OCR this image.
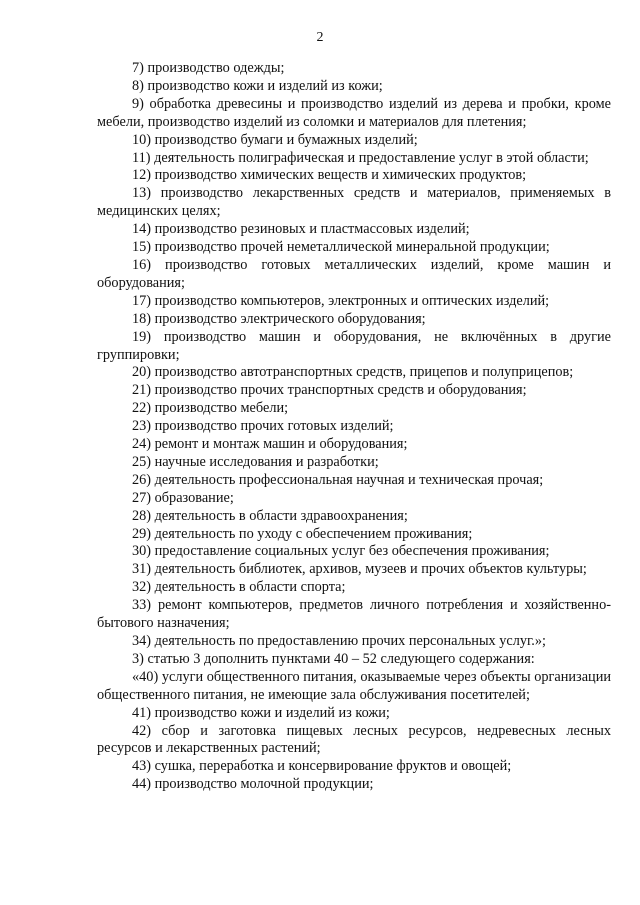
2

7) производство одежды;

8) производство кожи и изделий из кожи;

9) обработка древесины и производство изделий из дерева и пробки, кроме мебели, производство изделий из соломки и материалов для плетения;

10) производство бумаги и бумажных изделий;

11) деятельность полиграфическая и предоставление услуг в этой области;

12) производство химических веществ и химических продуктов;

13) производство лекарственных средств и материалов, применяемых в медицинских целях;

14) производство резиновых и пластмассовых изделий;

15) производство прочей неметаллической минеральной продукции;

16) производство готовых металлических изделий, кроме машин и оборудования;

17) производство компьютеров, электронных и оптических изделий;

18) производство электрического оборудования;

19) производство машин и оборудования, не включённых в другие группировки;

20) производство автотранспортных средств, прицепов и полуприцепов;

21) производство прочих транспортных средств и оборудования;

22) производство мебели;

23) производство прочих готовых изделий;

24) ремонт и монтаж машин и оборудования;

25) научные исследования и разработки;

26) деятельность профессиональная научная и техническая прочая;

27) образование;

28) деятельность в области здравоохранения;

29) деятельность по уходу с обеспечением проживания;

30) предоставление социальных услуг без обеспечения проживания;

31) деятельность библиотек, архивов, музеев и прочих объектов культуры;

32) деятельность в области спорта;

33) ремонт компьютеров, предметов личного потребления и хозяйственно-бытового назначения;

34) деятельность по предоставлению прочих персональных услуг.»;

3) статью 3 дополнить пунктами 40 – 52 следующего содержания:

«40) услуги общественного питания, оказываемые через объекты организации общественного питания, не имеющие зала обслуживания посетителей;

41) производство кожи и изделий из кожи;

42) сбор и заготовка пищевых лесных ресурсов, недревесных лесных ресурсов и лекарственных растений;

43) сушка, переработка и консервирование фруктов и овощей;

44) производство молочной продукции;
